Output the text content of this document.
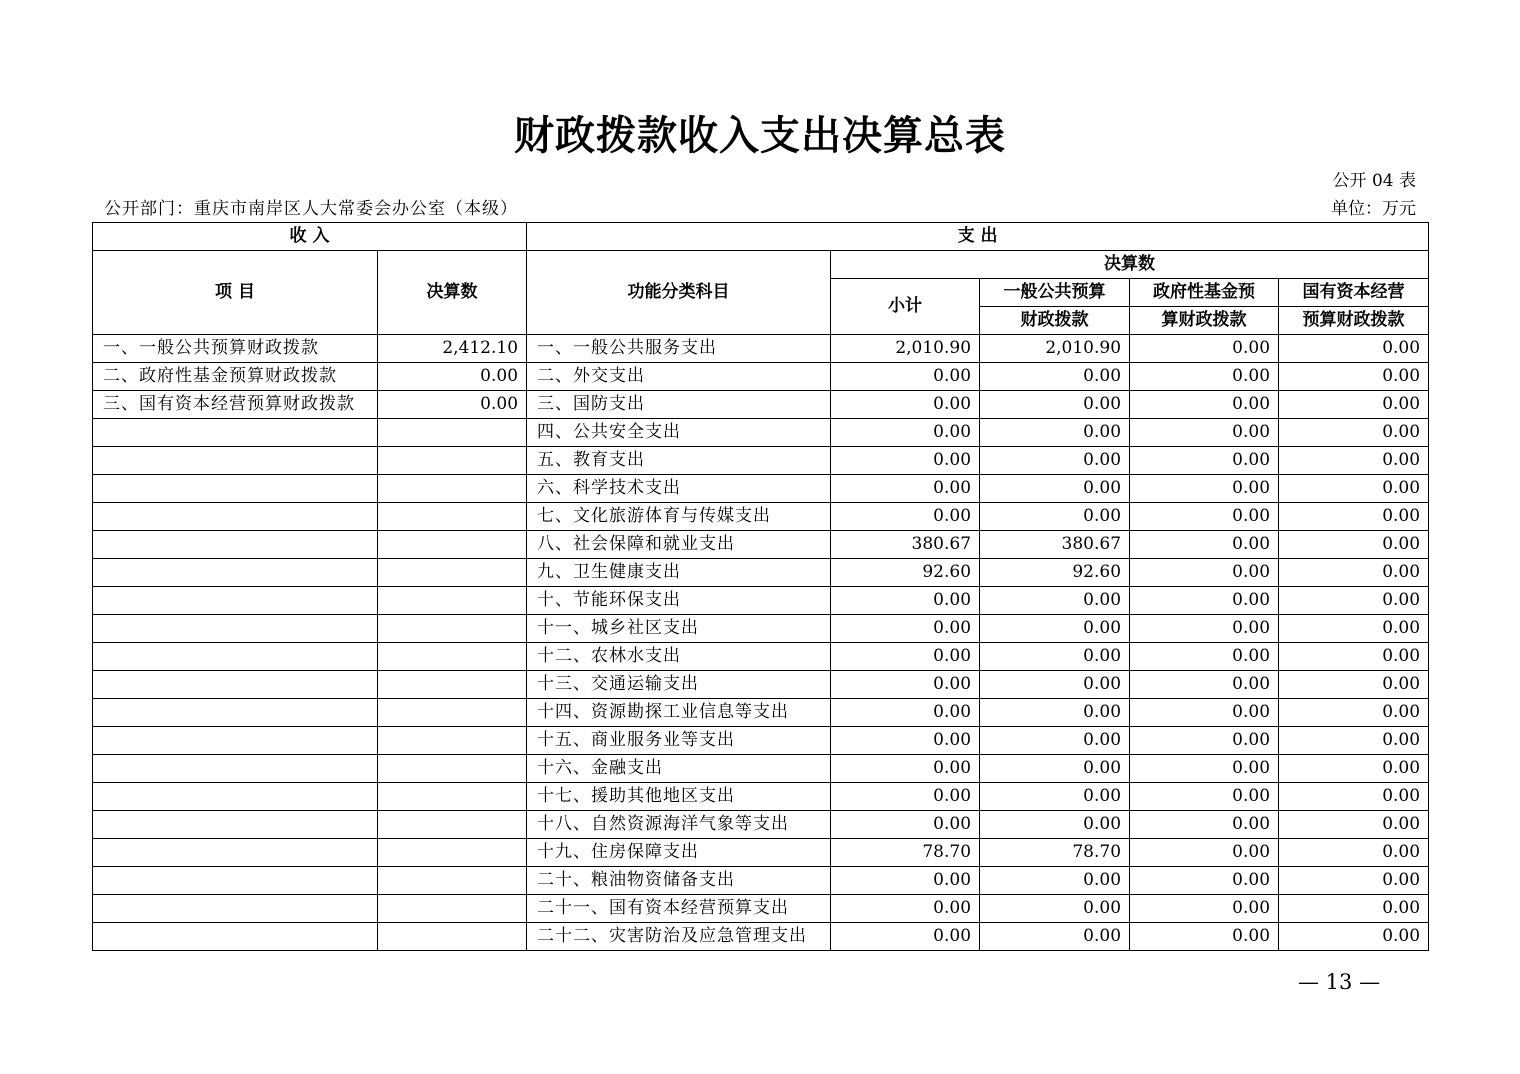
财政拨款收入支出决算总表
公开 04 表
公开部门：重庆市南岸区人大常委会办公室（本级）	单位：万元
收 入		支 出				
项 目	决算数	功能分类科目	决算数			
			小计	一般公共预算	政府性基金预	国有资本经营
				财政拨款	算财政拨款	预算财政拨款
一、一般公共预算财政拨款	2,412.10	一、一般公共服务支出	2,010.90	2,010.90	0.00	0.00
二、政府性基金预算财政拨款	0.00	二、外交支出	0.00	0.00	0.00	0.00
三、国有资本经营预算财政拨款	0.00	三、国防支出	0.00	0.00	0.00	0.00
		四、公共安全支出	0.00	0.00	0.00	0.00
		五、教育支出	0.00	0.00	0.00	0.00
		六、科学技术支出	0.00	0.00	0.00	0.00
		七、文化旅游体育与传媒支出	0.00	0.00	0.00	0.00
		八、社会保障和就业支出	380.67	380.67	0.00	0.00
		九、卫生健康支出	92.60	92.60	0.00	0.00
		十、节能环保支出	0.00	0.00	0.00	0.00
		十一、城乡社区支出	0.00	0.00	0.00	0.00
		十二、农林水支出	0.00	0.00	0.00	0.00
		十三、交通运输支出	0.00	0.00	0.00	0.00
		十四、资源勘探工业信息等支出	0.00	0.00	0.00	0.00
		十五、商业服务业等支出	0.00	0.00	0.00	0.00
		十六、金融支出	0.00	0.00	0.00	0.00
		十七、援助其他地区支出	0.00	0.00	0.00	0.00
		十八、自然资源海洋气象等支出	0.00	0.00	0.00	0.00
		十九、住房保障支出	78.70	78.70	0.00	0.00
		二十、粮油物资储备支出	0.00	0.00	0.00	0.00
		二十一、国有资本经营预算支出	0.00	0.00	0.00	0.00
		二十二、灾害防治及应急管理支出	0.00	0.00	0.00	0.00
— 13 —
